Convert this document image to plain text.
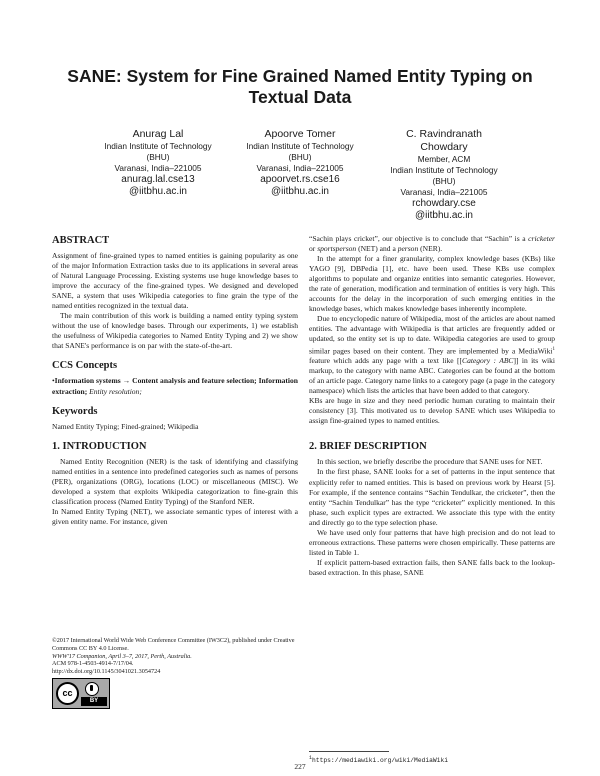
SANE: System for Fine Grained Named Entity Typing on
Textual Data
Anurag Lal
Indian Institute of Technology
(BHU)
Varanasi, India–221005
anurag.lal.cse13
@iitbhu.ac.in
Apoorve Tomer
Indian Institute of Technology
(BHU)
Varanasi, India–221005
apoorvet.rs.cse16
@iitbhu.ac.in
C. Ravindranath
Chowdary
Member, ACM
Indian Institute of Technology
(BHU)
Varanasi, India–221005
rchowdary.cse
@iitbhu.ac.in
ABSTRACT

Assignment of fine-grained types to named entities is gaining popularity as one of the major Information Extraction tasks due to its applications in several areas of Natural Language Processing. Existing systems use huge knowledge bases to improve the accuracy of the fine-grained types. We designed and developed SANE, a system that uses Wikipedia categories to fine grain the type of the named entities recognized in the textual data.

The main contribution of this work is building a named entity typing system without the use of knowledge bases. Through our experiments, 1) we establish the usefulness of Wikipedia categories to Named Entity Typing and 2) we show that SANE's performance is on par with the state-of-the-art.

CCS Concepts

•Information systems → Content analysis and feature selection; Information extraction; Entity resolution;

Keywords

Named Entity Typing; Fined-grained; Wikipedia

1. INTRODUCTION

Named Entity Recognition (NER) is the task of identifying and classifying named entities in a sentence into predefined categories such as names of persons (PER), organizations (ORG), locations (LOC) or miscellaneous (MISC). We developed a system that exploits Wikipedia categorization to fine-grain this classification process (Named Entity Typing) of the Stanford NER.

In Named Entity Typing (NET), we associate semantic types of interest with a given entity name. For instance, given

©2017 International World Wide Web Conference Committee (IW3C2), published under Creative Commons CC BY 4.0 License.
WWW'17 Companion, April 3–7, 2017, Perth, Australia.
ACM 978-1-4503-4914-7/17/04.
http://dx.doi.org/10.1145/3041021.3054724
cc
BY

“Sachin plays cricket”, our objective is to conclude that “Sachin” is a cricketer or sportsperson (NET) and a person (NER).

In the attempt for a finer granularity, complex knowledge bases (KBs) like YAGO [9], DBPedia [1], etc. have been used. These KBs use complex algorithms to populate and organize entities into semantic categories. However, the rate of generation, modification and termination of entities is very high. This accounts for the delay in the incorporation of such emerging entities in the knowledge bases, which makes knowledge bases inherently incomplete.

Due to encyclopedic nature of Wikipedia, most of the articles are about named entities. The advantage with Wikipedia is that articles are frequently added or updated, so the entity set is up to date. Wikipedia categories are used to group similar pages based on their content. They are implemented by a MediaWiki$^1$ feature which adds any page with a text like [[Category : ABC]] in its wiki markup, to the category with name ABC. Categories can be found at the bottom of an article page. Category name links to a category page (a page in the category namespace) which lists the articles that have been added to that category.

KBs are huge in size and they need periodic human curating to maintain their consistency [3]. This motivated us to develop SANE which uses Wikipedia to assign fine-grained types to named entities.

2. BRIEF DESCRIPTION

In this section, we briefly describe the procedure that SANE uses for NET.

In the first phase, SANE looks for a set of patterns in the input sentence that explicitly refer to named entities. This is based on previous work by Hearst [5]. For example, if the sentence contains “Sachin Tendulkar, the cricketer”, then the entity “Sachin Tendulkar” has the type “cricketer” explicitly mentioned. In this phase, such explicit types are extracted. We associate this type with the entity and directly go to the type selection phase.

We have used only four patterns that have high precision and do not lead to erroneous extractions. These patterns were chosen empirically. These patterns are listed in Table 1.

If explicit pattern-based extraction fails, then SANE falls back to the lookup-based extraction. In this phase, SANE

$^1$https://mediawiki.org/wiki/MediaWiki
227
